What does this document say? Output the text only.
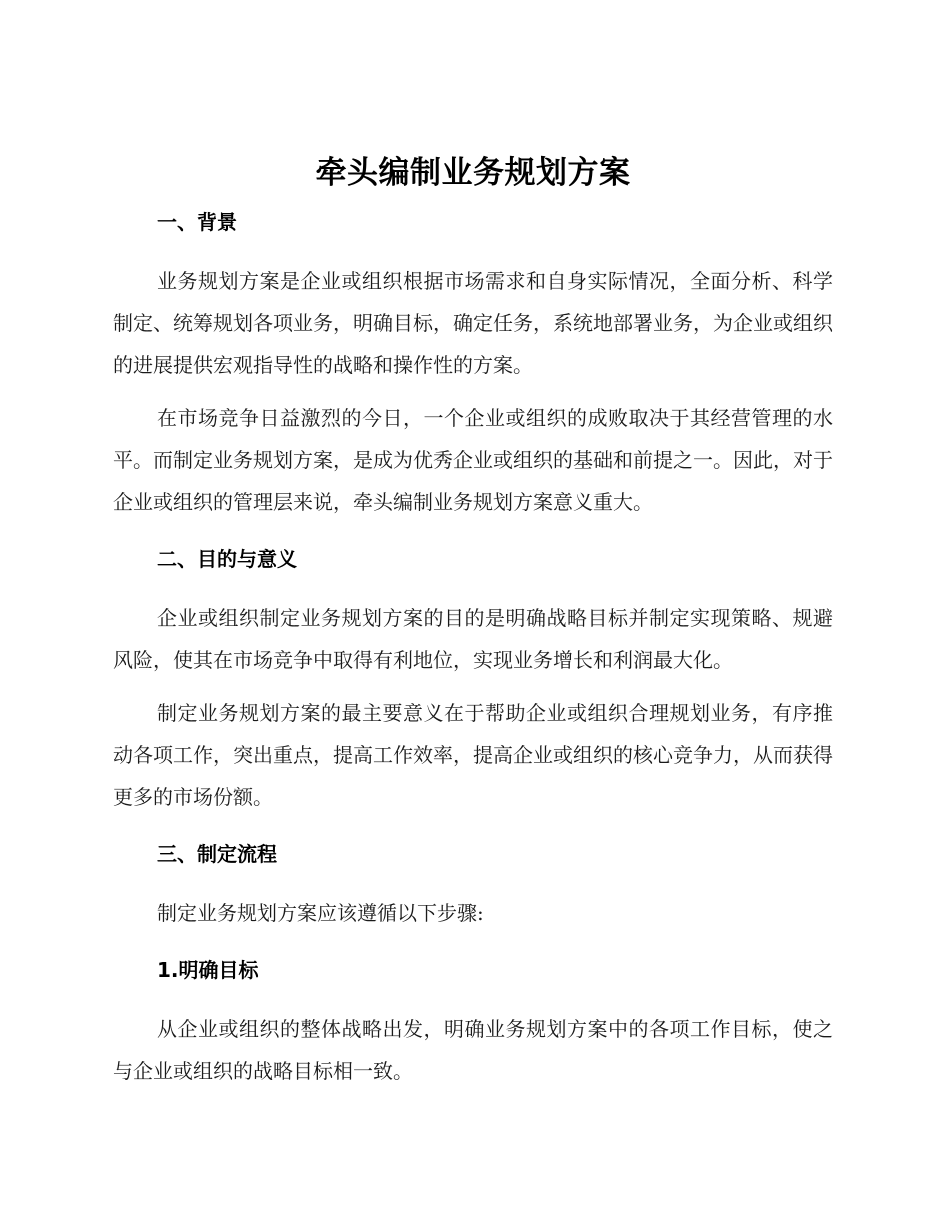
牵头编制业务规划方案
一、背景

业务规划方案是企业或组织根据市场需求和自身实际情况，全面分析、科学制定、统筹规划各项业务，明确目标，确定任务，系统地部署业务，为企业或组织的进展提供宏观指导性的战略和操作性的方案。

在市场竞争日益激烈的今日，一个企业或组织的成败取决于其经营管理的水平。而制定业务规划方案，是成为优秀企业或组织的基础和前提之一。因此，对于企业或组织的管理层来说，牵头编制业务规划方案意义重大。

二、目的与意义

企业或组织制定业务规划方案的目的是明确战略目标并制定实现策略、规避风险，使其在市场竞争中取得有利地位，实现业务增长和利润最大化。

制定业务规划方案的最主要意义在于帮助企业或组织合理规划业务，有序推动各项工作，突出重点，提高工作效率，提高企业或组织的核心竞争力，从而获得更多的市场份额。

三、制定流程

制定业务规划方案应该遵循以下步骤:

1.明确目标

从企业或组织的整体战略出发，明确业务规划方案中的各项工作目标，使之与企业或组织的战略目标相一致。
